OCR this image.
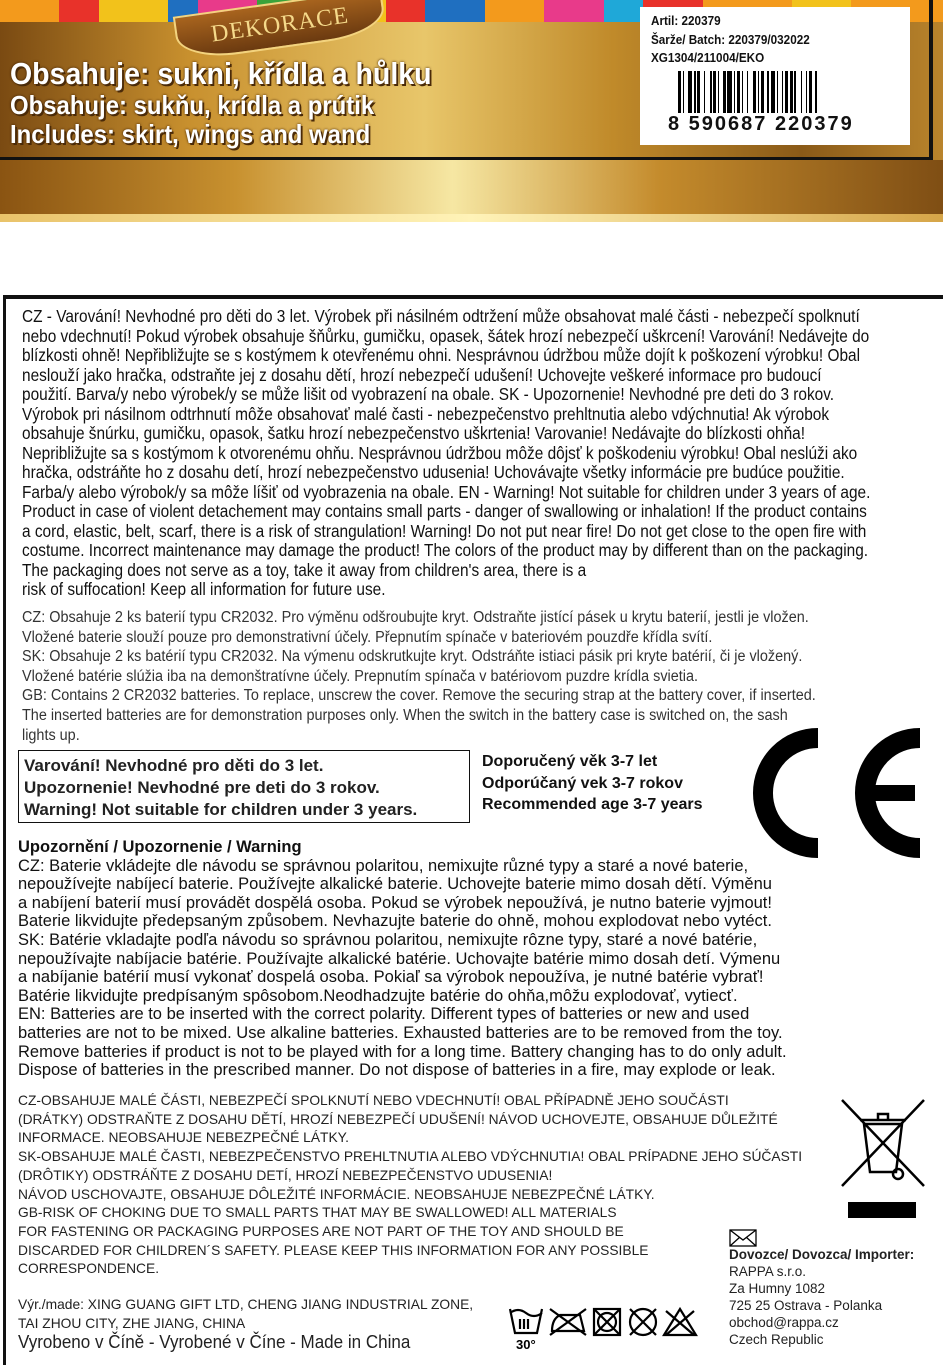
DEKORACE
Obsahuje: sukni, křídla a hůlku
Obsahuje: sukňu, krídla a prútik
Includes: skirt, wings and wand
Artil: 220379
Šarže/ Batch: 220379/032022
XG1304/211004/EKO
8 590687 220379
CZ - Varování! Nevhodné pro děti do 3 let. Výrobek při násilném odtržení může obsahovat malé části - nebezpečí spolknutí
nebo vdechnutí! Pokud výrobek obsahuje šňůrku, gumičku, opasek, šátek hrozí nebezpečí uškrcení! Varování! Nedávejte do
blízkosti ohně! Nepřibližujte se s kostýmem k otevřenému ohni. Nesprávnou údržbou může dojít k poškození výrobku! Obal
neslouží jako hračka, odstraňte jej z dosahu dětí, hrozí nebezpečí udušení! Uchovejte veškeré informace pro budoucí
použití. Barva/y nebo výrobek/y se může lišit od vyobrazení na obale. SK - Upozornenie! Nevhodné pre deti do 3 rokov.
Výrobok pri násilnom odtrhnutí môže obsahovať malé časti - nebezpečenstvo prehltnutia alebo vdýchnutia! Ak výrobok
obsahuje šnúrku, gumičku, opasok, šatku hrozí nebezpečenstvo uškrtenia! Varovanie! Nedávajte do blízkosti ohňa!
Nepribližujte sa s kostýmom k otvorenému ohňu. Nesprávnou údržbou môže dôjsť k poškodeniu výrobku! Obal neslúži ako
hračka, odstráňte ho z dosahu detí, hrozí nebezpečenstvo udusenia! Uchovávajte všetky informácie pre budúce použitie.
Farba/y alebo výrobok/y sa môže líšiť od vyobrazenia na obale. EN - Warning! Not suitable for children under 3 years of age.
Product in case of violent detachement may contains small parts - danger of swallowing or inhalation! If the product contains
a cord, elastic, belt, scarf, there is a risk of strangulation! Warning! Do not put near fire! Do not get close to the open fire with
costume. Incorrect maintenance may damage the product! The colors of the product may by different than on the packaging.
The packaging does not serve as a toy, take it away from children's area, there is a
risk of suffocation! Keep all information for future use.
CZ: Obsahuje 2 ks baterií typu CR2032. Pro výměnu odšroubujte kryt. Odstraňte jistící pásek u krytu baterií, jestli je vložen.
Vložené baterie slouží pouze pro demonstrativní účely. Přepnutím spínače v bateriovém pouzdře křídla svítí.
SK: Obsahuje 2 ks batérií typu CR2032. Na výmenu odskrutkujte kryt. Odstráňte istiaci pásik pri kryte batérií, či je vložený.
Vložené batérie slúžia iba na demonštratívne účely. Prepnutím spínača v batériovom puzdre krídla svietia.
GB: Contains 2 CR2032 batteries. To replace, unscrew the cover. Remove the securing strap at the battery cover, if inserted.
The inserted batteries are for demonstration purposes only. When the switch in the battery case is switched on, the sash
lights up.
Varování! Nevhodné pro děti do 3 let.
Upozornenie! Nevhodné pre deti do 3 rokov.
Warning! Not suitable for children under 3 years.
Doporučený věk 3-7 let
Odporúčaný vek 3-7 rokov
Recommended age 3-7 years
Upozornění / Upozornenie / Warning
CZ: Baterie vkládejte dle návodu se správnou polaritou, nemixujte různé typy a staré a nové baterie,
nepoužívejte nabíjecí baterie. Používejte alkalické baterie. Uchovejte baterie mimo dosah dětí. Výměnu
a nabíjení baterií musí provádět dospělá osoba. Pokud se výrobek nepoužívá, je nutno baterie vyjmout!
Baterie likvidujte předepsaným způsobem. Nevhazujte baterie do ohně, mohou explodovat nebo vytéct.
SK: Batérie vkladajte podľa návodu so správnou polaritou, nemixujte rôzne typy, staré a nové batérie,
nepoužívajte nabíjacie batérie. Používajte alkalické batérie. Uchovajte batérie mimo dosah detí. Výmenu
a nabíjanie batérií musí vykonať dospelá osoba. Pokiaľ sa výrobok nepoužíva, je nutné batérie vybrať!
Batérie likvidujte predpísaným spôsobom.Neodhadzujte batérie do ohňa,môžu explodovať, vytiecť.
EN: Batteries are to be inserted with the correct polarity. Different types of batteries or new and used
batteries are not to be mixed. Use alkaline batteries. Exhausted batteries are to be removed from the toy.
Remove batteries if product is not to be played with for a long time. Battery changing has to do only adult.
Dispose of batteries in the prescribed manner. Do not dispose of batteries in a fire, may explode or leak.
CZ-OBSAHUJE MALÉ ČÁSTI, NEBEZPEČÍ SPOLKNUTÍ NEBO VDECHNUTÍ! OBAL PŘÍPADNĚ JEHO SOUČÁSTI
(DRÁTKY) ODSTRAŇTE Z DOSAHU DĚTÍ, HROZÍ NEBEZPEČÍ UDUŠENÍ! NÁVOD UCHOVEJTE, OBSAHUJE DŮLEŽITÉ
INFORMACE. NEOBSAHUJE NEBEZPEČNÉ LÁTKY.
SK-OBSAHUJE MALÉ ČASTI, NEBEZPEČENSTVO PREHLTNUTIA ALEBO VDÝCHNUTIA! OBAL PRÍPADNE JEHO SÚČASTI
(DRÔTIKY) ODSTRÁŇTE Z DOSAHU DETÍ, HROZÍ NEBEZPEČENSTVO UDUSENIA!
NÁVOD USCHOVAJTE, OBSAHUJE DÔLEŽITÉ INFORMÁCIE. NEOBSAHUJE NEBEZPEČNÉ LÁTKY.
GB-RISK OF CHOKING DUE TO SMALL PARTS THAT MAY BE SWALLOWED! ALL MATERIALS
FOR FASTENING OR PACKAGING PURPOSES ARE NOT PART OF THE TOY AND SHOULD BE
DISCARDED FOR CHILDREN´S SAFETY. PLEASE KEEP THIS INFORMATION FOR ANY POSSIBLE
CORRESPONDENCE.
Výr./made: XING GUANG GIFT LTD, CHENG JIANG INDUSTRIAL ZONE,
TAI ZHOU CITY, ZHE JIANG, CHINA
Vyrobeno v Číně - Vyrobené v Číne - Made in China	30°
Dovozce/ Dovozca/ Importer:
RAPPA s.r.o.
Za Humny 1082
725 25 Ostrava - Polanka
obchod@rappa.cz
Czech Republic
